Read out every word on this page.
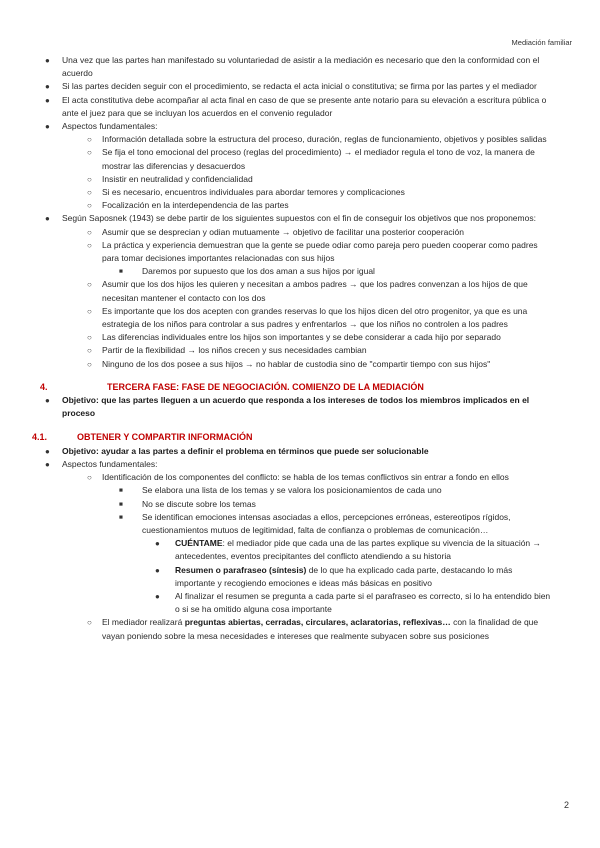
Mediación familiar
● Una vez que las partes han manifestado su voluntariedad de asistir a la mediación es necesario que den la conformidad con el acuerdo
● Si las partes deciden seguir con el procedimiento, se redacta el acta inicial o constitutiva; se firma por las partes y el mediador
● El acta constitutiva debe acompañar al acta final en caso de que se presente ante notario para su elevación a escritura pública o ante el juez para que se incluyan los acuerdos en el convenio regulador
● Aspectos fundamentales:
○ Información detallada sobre la estructura del proceso, duración, reglas de funcionamiento, objetivos y posibles salidas
○ Se fija el tono emocional del proceso (reglas del procedimiento) → el mediador regula el tono de voz, la manera de mostrar las diferencias y desacuerdos
○ Insistir en neutralidad y confidencialidad
○ Si es necesario, encuentros individuales para abordar temores y complicaciones
○ Focalización en la interdependencia de las partes
● Según Saposnek (1943) se debe partir de los siguientes supuestos con el fin de conseguir los objetivos que nos proponemos:
○ Asumir que se desprecian y odian mutuamente → objetivo de facilitar una posterior cooperación
○ La práctica y experiencia demuestran que la gente se puede odiar como pareja pero pueden cooperar como padres para tomar decisiones importantes relacionadas con sus hijos
■ Daremos por supuesto que los dos aman a sus hijos por igual
○ Asumir que los dos hijos les quieren y necesitan a ambos padres → que los padres convenzan a los hijos de que necesitan mantener el contacto con los dos
○ Es importante que los dos acepten con grandes reservas lo que los hijos dicen del otro progenitor, ya que es una estrategia de los niños para controlar a sus padres y enfrentarlos → que los niños no controlen a los padres
○ Las diferencias individuales entre los hijos son importantes y se debe considerar a cada hijo por separado
○ Partir de la flexibilidad → los niños crecen y sus necesidades cambian
○ Ninguno de los dos posee a sus hijos → no hablar de custodia sino de "compartir tiempo con sus hijos"
4.	TERCERA FASE: FASE DE NEGOCIACIÓN. COMIENZO DE LA MEDIACIÓN
● Objetivo: que las partes lleguen a un acuerdo que responda a los intereses de todos los miembros implicados en el proceso
4.1.	OBTENER Y COMPARTIR INFORMACIÓN
● Objetivo: ayudar a las partes a definir el problema en términos que puede ser solucionable
● Aspectos fundamentales:
○ Identificación de los componentes del conflicto: se habla de los temas conflictivos sin entrar a fondo en ellos
■ Se elabora una lista de los temas y se valora los posicionamientos de cada uno
■ No se discute sobre los temas
■ Se identifican emociones intensas asociadas a ellos, percepciones erróneas, estereotipos rígidos, cuestionamientos mutuos de legitimidad, falta de confianza o problemas de comunicación…
● CUÉNTAME: el mediador pide que cada una de las partes explique su vivencia de la situación → antecedentes, eventos precipitantes del conflicto atendiendo a su historia
● Resumen o parafraseo (síntesis) de lo que ha explicado cada parte, destacando lo más importante y recogiendo emociones e ideas más básicas en positivo
● Al finalizar el resumen se pregunta a cada parte si el parafraseo es correcto, si lo ha entendido bien o si se ha omitido alguna cosa importante
○ El mediador realizará preguntas abiertas, cerradas, circulares, aclaratorias, reflexivas… con la finalidad de que vayan poniendo sobre la mesa necesidades e intereses que realmente subyacen sobre sus posiciones
2
